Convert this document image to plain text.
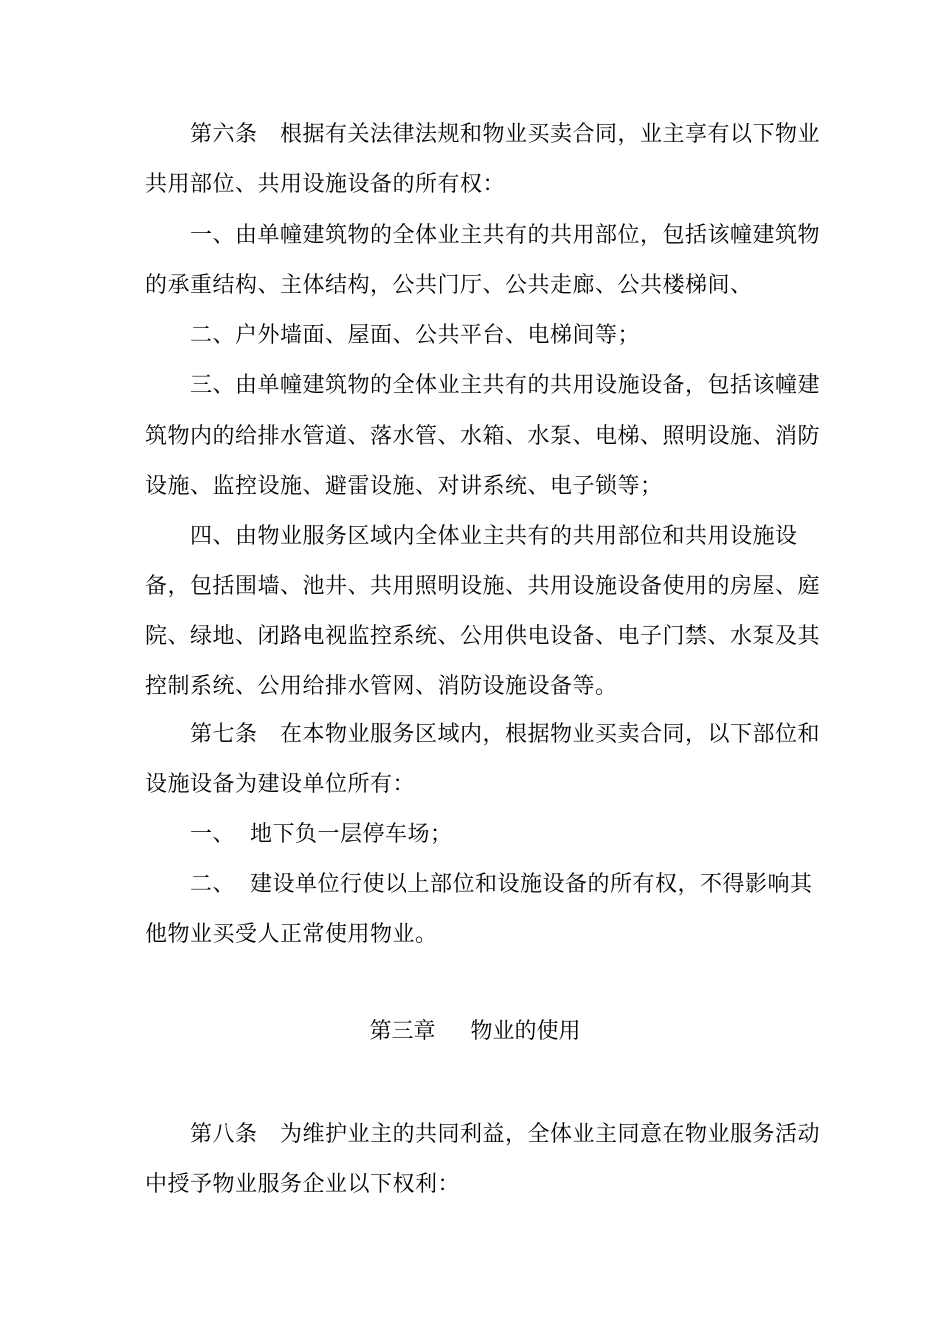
第六条   根据有关法律法规和物业买卖合同，业主享有以下物业
共用部位、共用设施设备的所有权：
一、由单幢建筑物的全体业主共有的共用部位，包括该幢建筑物
的承重结构、主体结构，公共门厅、公共走廊、公共楼梯间、
二、户外墙面、屋面、公共平台、电梯间等；
三、由单幢建筑物的全体业主共有的共用设施设备，包括该幢建
筑物内的给排水管道、落水管、水箱、水泵、电梯、照明设施、消防
设施、监控设施、避雷设施、对讲系统、电子锁等；
四、由物业服务区域内全体业主共有的共用部位和共用设施设
备，包括围墙、池井、共用照明设施、共用设施设备使用的房屋、庭
院、绿地、闭路电视监控系统、公用供电设备、电子门禁、水泵及其
控制系统、公用给排水管网、消防设施设备等。
第七条   在本物业服务区域内，根据物业买卖合同，以下部位和
设施设备为建设单位所有：
一、  地下负一层停车场；
二、  建设单位行使以上部位和设施设备的所有权，不得影响其
他物业买受人正常使用物业。
第三章     物业的使用
第八条   为维护业主的共同利益，全体业主同意在物业服务活动
中授予物业服务企业以下权利：
